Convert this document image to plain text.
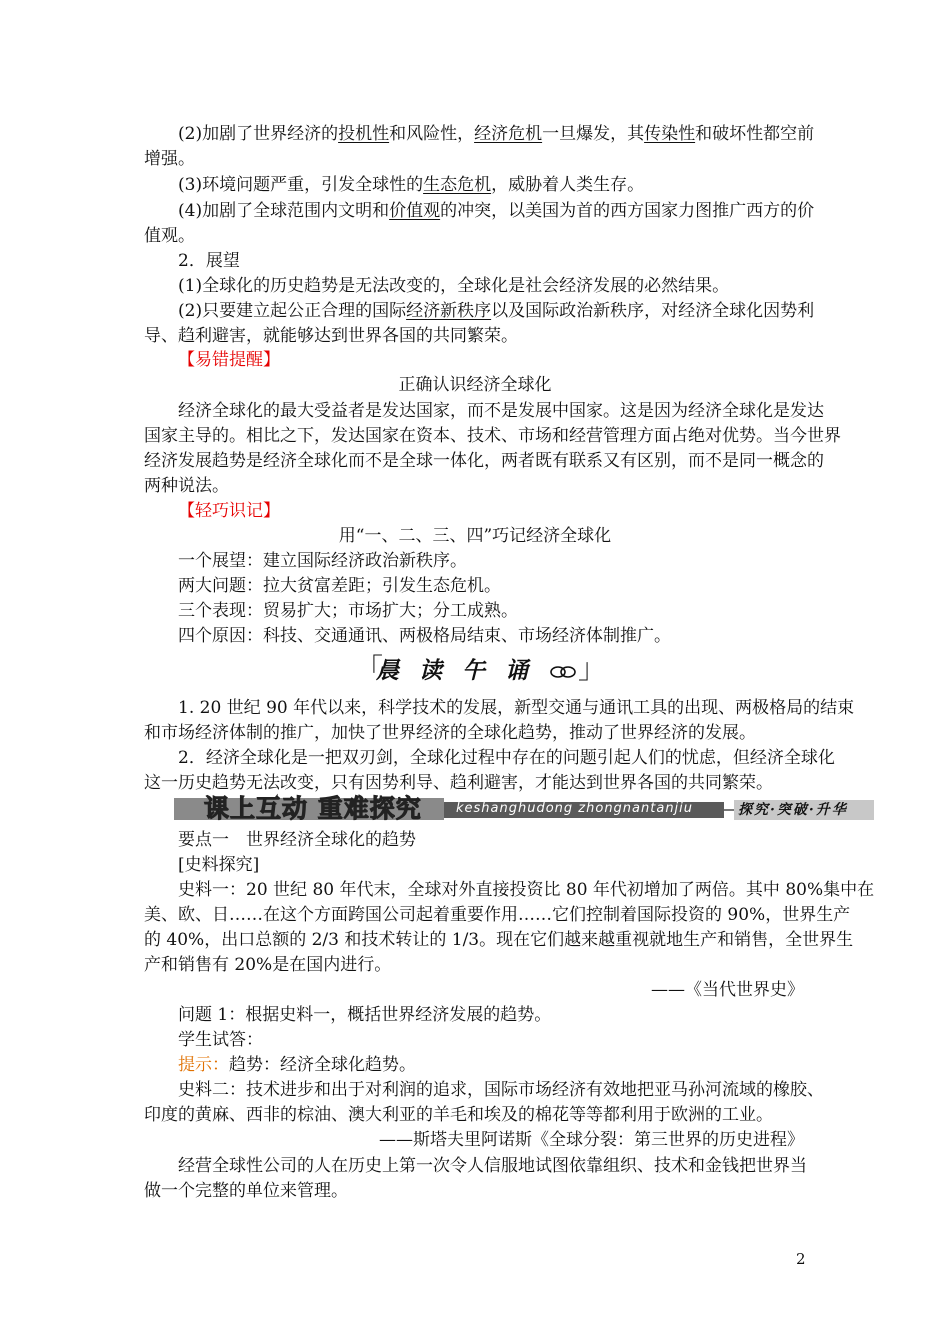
(2)加剧了世界经济的投机性和风险性，经济危机一旦爆发，其传染性和破坏性都空前
增强。
(3)环境问题严重，引发全球性的生态危机，威胁着人类生存。
(4)加剧了全球范围内文明和价值观的冲突，以美国为首的西方国家力图推广西方的价
值观。
2．展望
(1)全球化的历史趋势是无法改变的，全球化是社会经济发展的必然结果。
(2)只要建立起公正合理的国际经济新秩序以及国际政治新秩序，对经济全球化因势利
导、趋利避害，就能够达到世界各国的共同繁荣。
【易错提醒】
正确认识经济全球化
经济全球化的最大受益者是发达国家，而不是发展中国家。这是因为经济全球化是发达
国家主导的。相比之下，发达国家在资本、技术、市场和经营管理方面占绝对优势。当今世界
经济发展趋势是经济全球化而不是全球一体化，两者既有联系又有区别，而不是同一概念的
两种说法。
【轻巧识记】
用“一、二、三、四”巧记经济全球化
一个展望：建立国际经济政治新秩序。
两大问题：拉大贫富差距；引发生态危机。
三个表现：贸易扩大；市场扩大；分工成熟。
四个原因：科技、交通通讯、两极格局结束、市场经济体制推广。
「
晨 读 午 诵	」
1. 20 世纪 90 年代以来，科学技术的发展，新型交通与通讯工具的出现、两极格局的结束
和市场经济体制的推广，加快了世界经济的全球化趋势，推动了世界经济的发展。
2．经济全球化是一把双刃剑，全球化过程中存在的问题引起人们的忧虑，但经济全球化
这一历史趋势无法改变，只有因势利导、趋利避害，才能达到世界各国的共同繁荣。
课上互动 重难探究	keshanghudong zhongnantanjiu	探究·突破·升华
要点一　世界经济全球化的趋势
[史料探究]
史料一：20 世纪 80 年代末，全球对外直接投资比 80 年代初增加了两倍。其中 80%集中在
美、欧、日……在这个方面跨国公司起着重要作用……它们控制着国际投资的 90%，世界生产
的 40%，出口总额的 2/3 和技术转让的 1/3。现在它们越来越重视就地生产和销售，全世界生
产和销售有 20%是在国内进行。
——《当代世界史》
问题 1：根据史料一，概括世界经济发展的趋势。
学生试答：
提示：趋势：经济全球化趋势。
史料二：技术进步和出于对利润的追求，国际市场经济有效地把亚马孙河流域的橡胶、
印度的黄麻、西非的棕油、澳大利亚的羊毛和埃及的棉花等等都利用于欧洲的工业。
——斯塔夫里阿诺斯《全球分裂：第三世界的历史进程》
经营全球性公司的人在历史上第一次令人信服地试图依靠组织、技术和金钱把世界当
做一个完整的单位来管理。
2
